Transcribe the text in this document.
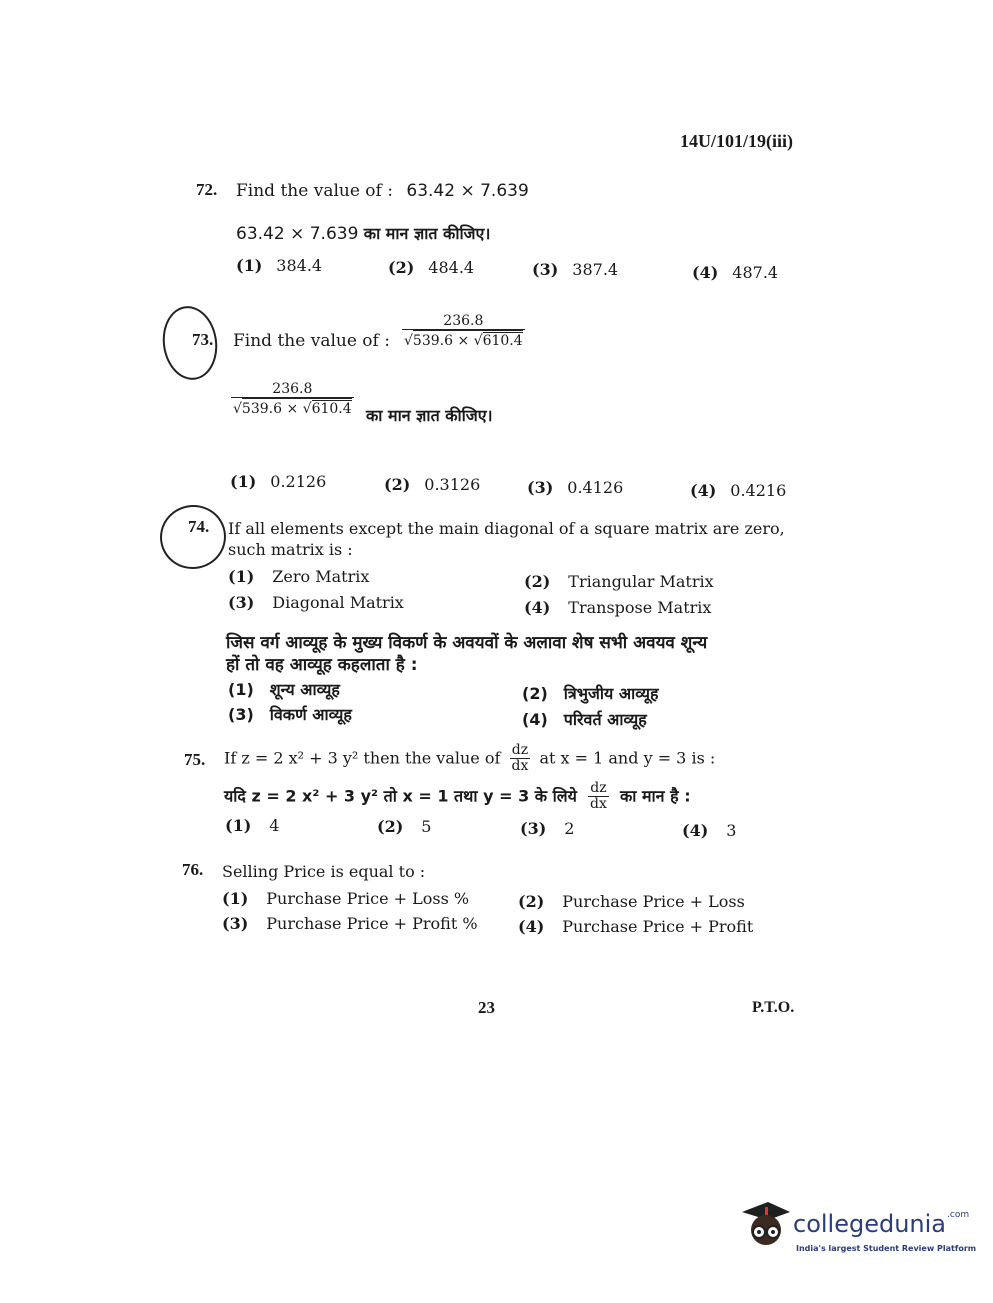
14U/101/19(iii)
72. Find the value of : 63.42 × 7.639
63.42 × 7.639 का मान ज्ञात कीजिए।
(1) 384.4	(2) 484.4	(3) 387.4	(4) 487.4
73. Find the value of : $\frac{236.8}{√539.6 \times √610.4}$
$\frac{236.8}{√539.6 \times √610.4}$ का मान ज्ञात कीजिए।
(1) 0.2126	(2) 0.3126	(3) 0.4126	(4) 0.4216
74. If all elements except the main diagonal of a square matrix are zero,
such matrix is :
(1) Zero Matrix	(2) Triangular Matrix
(3) Diagonal Matrix	(4) Transpose Matrix
जिस वर्ग आव्यूह के मुख्य विकर्ण के अवयवों के अलावा शेष सभी अवयव शून्य
हों तो वह आव्यूह कहलाता है :
(1) शून्य आव्यूह	(2) त्रिभुजीय आव्यूह
(3) विकर्ण आव्यूह	(4) परिवर्त आव्यूह
75. If z = 2 x² + 3 y² then the value of $\frac{dz}{dx}$ at x = 1 and y = 3 is :
यदि z = 2 x² + 3 y² तो x = 1 तथा y = 3 के लिये $\frac{dz}{dx}$ का मान है :
(1) 4	(2) 5	(3) 2	(4) 3
76. Selling Price is equal to :
(1) Purchase Price + Loss %	(2) Purchase Price + Loss
(3) Purchase Price + Profit %	(4) Purchase Price + Profit
23	P.T.O.
collegedunia$^{.com}$
India's largest Student Review Platform
